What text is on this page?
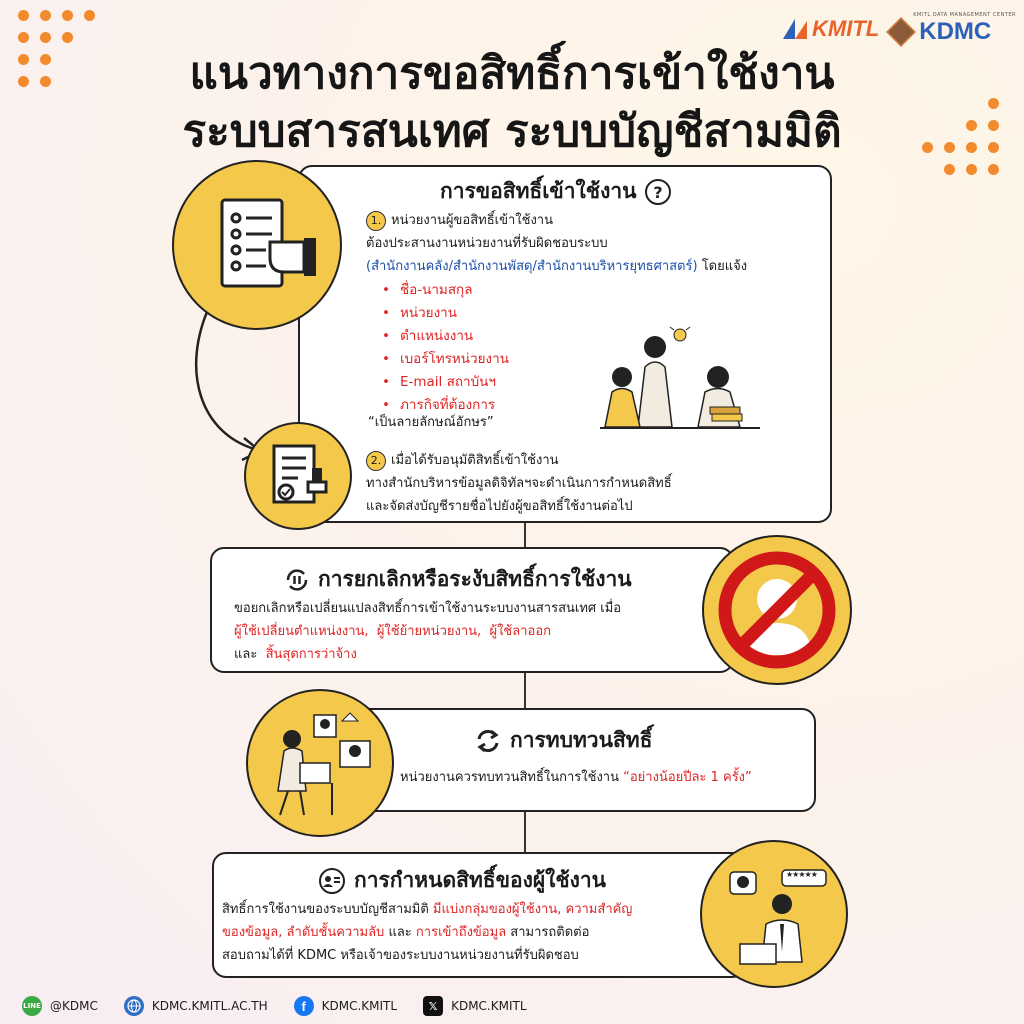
KMITL
KMITL DATA MANAGEMENT CENTER
KDMC
แนวทางการขอสิทธิ์การเข้าใช้งาน
ระบบสารสนเทศ ระบบบัญชีสามมิติ
การขอสิทธิ์เข้าใช้งาน ?
1. หน่วยงานผู้ขอสิทธิ์เข้าใช้งาน
ต้องประสานงานหน่วยงานที่รับผิดชอบระบบ
(สำนักงานคลัง/สำนักงานพัสดุ/สำนักงานบริหารยุทธศาสตร์) โดยแจ้ง
• ชื่อ-นามสกุล
• หน่วยงาน
• ตำแหน่งงาน
• เบอร์โทรหน่วยงาน
• E-mail สถาบันฯ
• ภารกิจที่ต้องการ
“เป็นลายลักษณ์อักษร”
2. เมื่อได้รับอนุมัติสิทธิ์เข้าใช้งาน
ทางสำนักบริหารข้อมูลดิจิทัลฯจะดำเนินการกำหนดสิทธิ์
และจัดส่งบัญชีรายชื่อไปยังผู้ขอสิทธิ์ใช้งานต่อไป
การยกเลิกหรือระงับสิทธิ์การใช้งาน
ขอยกเลิกหรือเปลี่ยนแปลงสิทธิ์การเข้าใช้งานระบบงานสารสนเทศ เมื่อ
ผู้ใช้เปลี่ยนตำแหน่งงาน, ผู้ใช้ย้ายหน่วยงาน, ผู้ใช้ลาออก
และ สิ้นสุดการว่าจ้าง
การทบทวนสิทธิ์
หน่วยงานควรทบทวนสิทธิ์ในการใช้งาน “อย่างน้อยปีละ 1 ครั้ง”
การกำหนดสิทธิ์ของผู้ใช้งาน
สิทธิ์การใช้งานของระบบบัญชีสามมิติ มีแบ่งกลุ่มของผู้ใช้งาน, ความสำคัญ
ของข้อมูล, ลำดับชั้นความลับ และ การเข้าถึงข้อมูล สามารถติดต่อ
สอบถามได้ที่ KDMC หรือเจ้าของระบบงานหน่วยงานที่รับผิดชอบ
★★★★★
LINE @KDMC	KDMC.KMITL.AC.TH	f	KDMC.KMITL	𝕏	KDMC.KMITL
